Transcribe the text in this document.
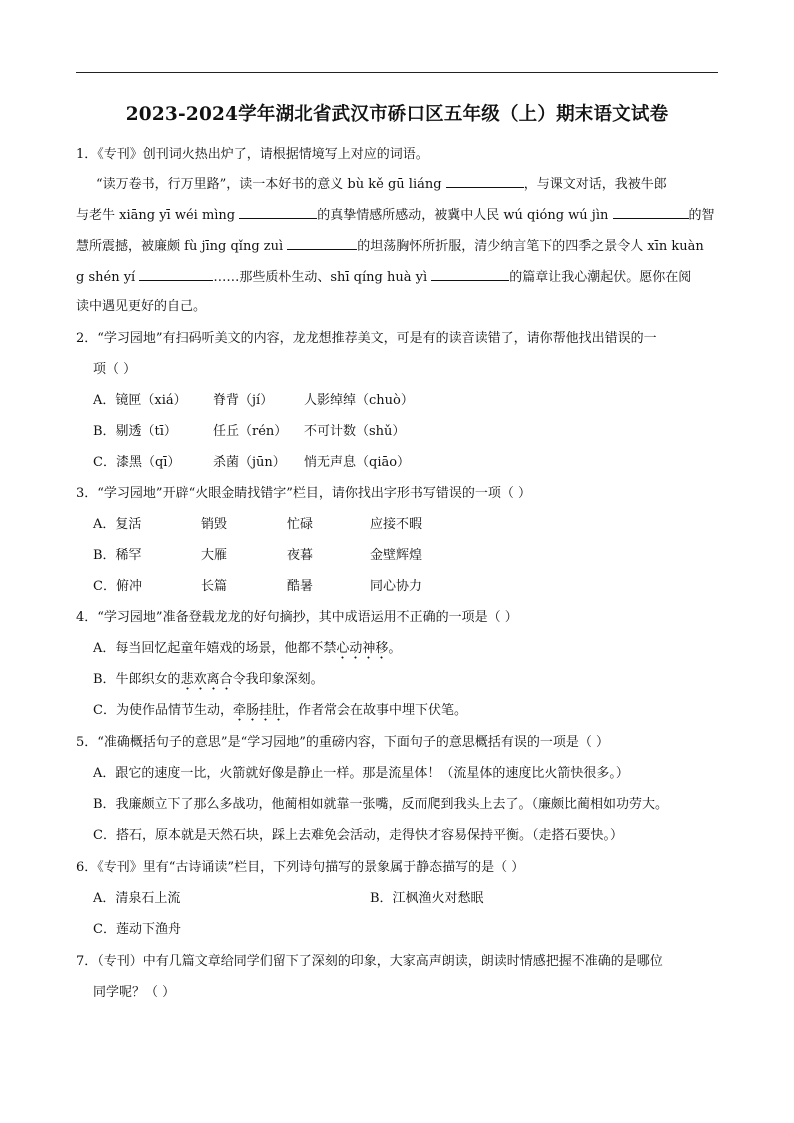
2023-2024学年湖北省武汉市硚口区五年级（上）期末语文试卷
1．《专刊》创刊词火热出炉了，请根据情境写上对应的词语。
“读万卷书，行万里路”，读一本好书的意义 bù kě gū liáng	，与课文对话，我被牛郎
与老牛 xiāng yī wéi mìng	的真挚情感所感动，被冀中人民 wú qióng wú jìn	的智
慧所震撼，被廉颇 fù jīng qǐng zuì	的坦荡胸怀所折服，清少纳言笔下的四季之景令人 xīn kuàn
g shén yí	……那些质朴生动、shī qíng huà yì	的篇章让我心潮起伏。愿你在阅
读中遇见更好的自己。
2．“学习园地”有扫码听美文的内容，龙龙想推荐美文，可是有的读音读错了，请你帮他找出错误的一
项（ ）
A．镜匣（xiá） 脊背（jí） 人影绰绰（chuò）
B．剔透（tī）	任丘（rén） 不可计数（shǔ）
C．漆黑（qī）	杀菌（jūn） 悄无声息（qiāo）
3．“学习园地”开辟“火眼金睛找错字”栏目，请你找出字形书写错误的一项（ ）
A．复活	销毁	忙碌	应接不暇
B．稀罕	大雁	夜暮	金壁辉煌
C．俯冲	长篇	酷暑	同心协力
4．“学习园地”准备登载龙龙的好句摘抄，其中成语运用不正确的一项是（ ）
A．每当回忆起童年嬉戏的场景，他都不禁心动神移。
B．牛郎织女的悲欢离合令我印象深刻。
C．为使作品情节生动，牵肠挂肚，作者常会在故事中埋下伏笔。
5．“准确概括句子的意思”是“学习园地”的重磅内容，下面句子的意思概括有误的一项是（ ）
A．跟它的速度一比，火箭就好像是静止一样。那是流星体！（流星体的速度比火箭快很多。）
B．我廉颇立下了那么多战功，他蔺相如就靠一张嘴，反而爬到我头上去了。（廉颇比蔺相如功劳大。
C．搭石，原本就是天然石块，踩上去难免会活动，走得快才容易保持平衡。（走搭石要快。）
6．《专刊》里有“古诗诵读”栏目，下列诗句描写的景象属于静态描写的是（ ）
A．清泉石上流	B．江枫渔火对愁眠
C．莲动下渔舟
7．（专刊）中有几篇文章给同学们留下了深刻的印象，大家高声朗读，朗读时情感把握不准确的是哪位
同学呢？（ ）
